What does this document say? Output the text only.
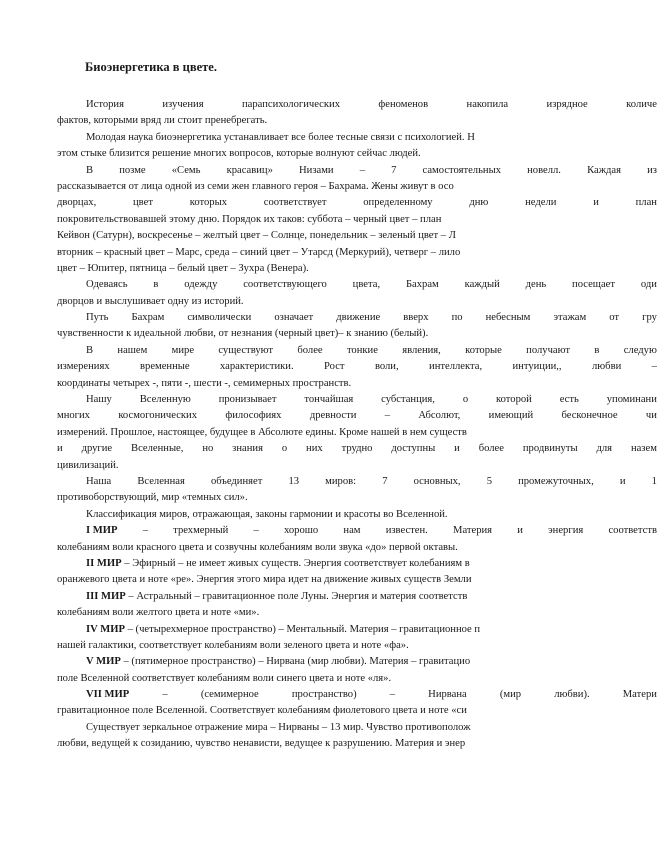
Биоэнергетика в цвете.
История	изучения	парапсихологических	феноменов	накопила	изрядное	количе
фактов, которыми вряд ли стоит пренебрегать.
Молодая наука биоэнергетика устанавливает все более тесные связи с психологией. Н
этом стыке близится решение многих вопросов, которые волнуют сейчас людей.
В позме «Семь красавиц» Низами – 7 самостоятельных новелл. Каждая из
рассказывается от лица одной из семи жен главного героя – Бахрама. Жены живут в осо
дворцах,	цвет	которых	соответствует	определенному	дню	недели	и	план
покровительствовавшей этому дню. Порядок их таков: суббота – черный цвет – план
Кейвон (Сатурн), воскресенье – желтый цвет – Солнце, понедельник – зеленый цвет – Л
вторник – красный цвет – Марс, среда – синий цвет – Утарсд (Меркурий), четверг – лило
цвет – Юпитер, пятница – белый цвет – Зухра (Венера).
Одеваясь в одежду соответствующего цвета, Бахрам каждый день посещает оди
дворцов и выслушивает одну из историй.
Путь Бахрам символически означает движение вверх по небесным этажам от гру
чувственности к идеальной любви, от незнания (черный цвет)– к знанию (белый).
В нашем мире существуют более тонкие явления, которые получают в следую
измерениях	временные	характеристики.	Рост	воли,	интеллекта,	интуиции,,	любви	–
координаты четырех -, пяти -, шести -, семимерных пространств.
Нашу	Вселенную	пронизывает	тончайшая	субстанция,	о	которой	есть	упоминани
многих	космогонических	философиях	древности	–	Абсолют,	имеющий	бесконечное	чи
измерений. Прошлое, настоящее, будущее в Абсолюте едины. Кроме нашей в нем существ
и другие Вселенные, но знания о них трудно доступны и более продвинуты для назем
цивилизаций.
Наша Вселенная объединяет 13 миров: 7 основных, 5 промежуточных, и 1
противоборствующий, мир «темных сил».
Классификация миров, отражающая, законы гармонии и красоты во Вселенной.
I МИР – трехмерный – хорошо нам известен. Материя и энергия соответств
колебаниям воли красного цвета и созвучны колебаниям воли звука «до» первой октавы.
II МИР – Эфирный – не имеет живых существ. Энергия соответствует колебаниям в
оранжевого цвета и ноте «ре». Энергия этого мира идет на движение живых существ Земли
III МИР – Астральный – гравитационное поле Луны. Энергия и материя соответств
колебаниям воли желтого цвета и ноте «ми».
IV МИР – (четырехмерное пространство) – Ментальный. Материя – гравитационное п
нашей галактики, соответствует колебаниям воли зеленого цвета и ноте «фа».
V МИР – (пятимерное пространство) – Нирвана (мир любви). Материя – гравитацио
поле Вселенной соответствует колебаниям воли синего цвета и ноте «ля».
VII МИР	–	(семимерное	пространство)	–	Нирвана	(мир	любви).	Матери
гравитационное поле Вселенной. Соответствует колебаниям фиолетового цвета и ноте «си
Существует зеркальное отражение мира – Нирваны – 13 мир. Чувство противополож
любви, ведущей к созиданию, чувство ненависти, ведущее к разрушению. Материя и энер
